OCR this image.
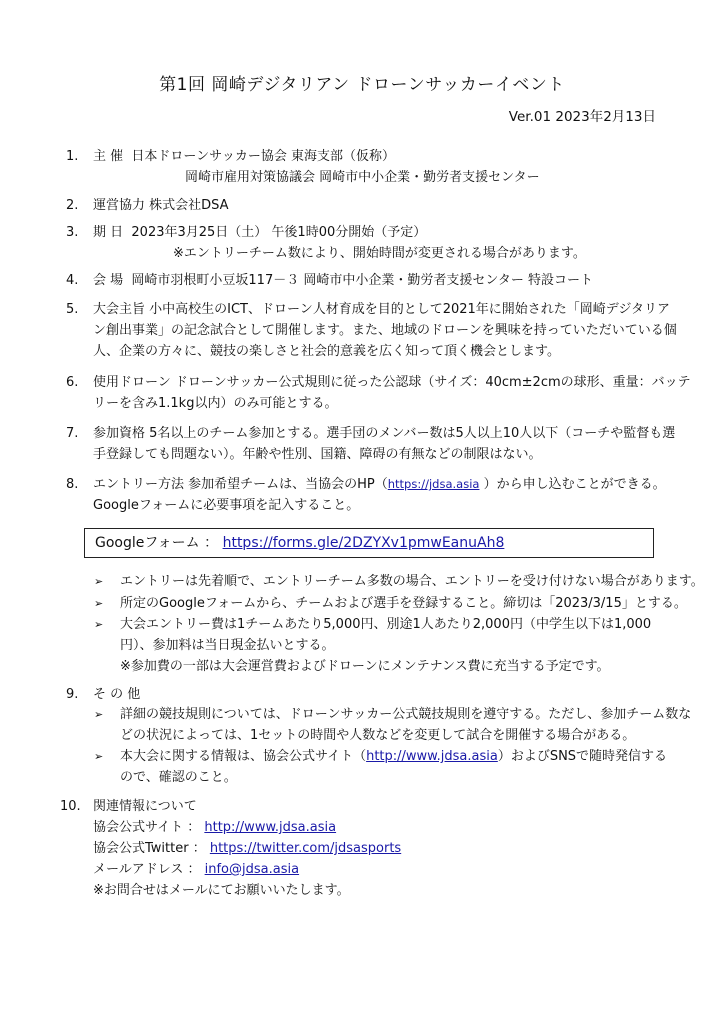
第1回 岡崎デジタリアン ドローンサッカーイベント
Ver.01 2023年2月13日
1. 主 催 日本ドローンサッカー協会 東海支部（仮称）
岡崎市雇用対策協議会 岡崎市中小企業・勤労者支援センター
2. 運営協力 株式会社DSA
3. 期 日 2023年3月25日（土） 午後1時00分開始（予定）
※エントリーチーム数により、開始時間が変更される場合があります。
4. 会 場 岡崎市羽根町小豆坂117－３ 岡崎市中小企業・勤労者支援センター 特設コート
5. 大会主旨 小中高校生のICT、ドローン人材育成を目的として2021年に開始された「岡崎デジタリア
ン創出事業」の記念試合として開催します。また、地域のドローンを興味を持っていただいている個
人、企業の方々に、競技の楽しさと社会的意義を広く知って頂く機会とします。
6. 使用ドローン ドローンサッカー公式規則に従った公認球（サイズ：40cm±2cmの球形、重量：バッテ
リーを含み1.1kg以内）のみ可能とする。
7. 参加資格 5名以上のチーム参加とする。選手団のメンバー数は5人以上10人以下（コーチや監督も選
手登録しても問題ない）。年齢や性別、国籍、障碍の有無などの制限はない。
8. エントリー方法 参加希望チームは、当協会のHP（https://jdsa.asia ）から申し込むことができる。
Googleフォームに必要事項を記入すること。
Googleフォーム ： https://forms.gle/2DZYXv1pmwEanuAh8
➢ エントリーは先着順で、エントリーチーム多数の場合、エントリーを受け付けない場合があります。
➢ 所定のGoogleフォームから、チームおよび選手を登録すること。締切は「2023/3/15」とする。
➢ 大会エントリー費は1チームあたり5,000円、別途1人あたり2,000円（中学生以下は1,000
円）、参加料は当日現金払いとする。
※参加費の一部は大会運営費およびドローンにメンテナンス費に充当する予定です。
9. そ の 他
➢ 詳細の競技規則については、ドローンサッカー公式競技規則を遵守する。ただし、参加チーム数な
どの状況によっては、1セットの時間や人数などを変更して試合を開催する場合がある。
➢ 本大会に関する情報は、協会公式サイト（http://www.jdsa.asia）およびSNSで随時発信する
ので、確認のこと。
10. 関連情報について
協会公式サイト ： http://www.jdsa.asia
協会公式Twitter ： https://twitter.com/jdsasports
メールアドレス ： info@jdsa.asia
※お問合せはメールにてお願いいたします。
